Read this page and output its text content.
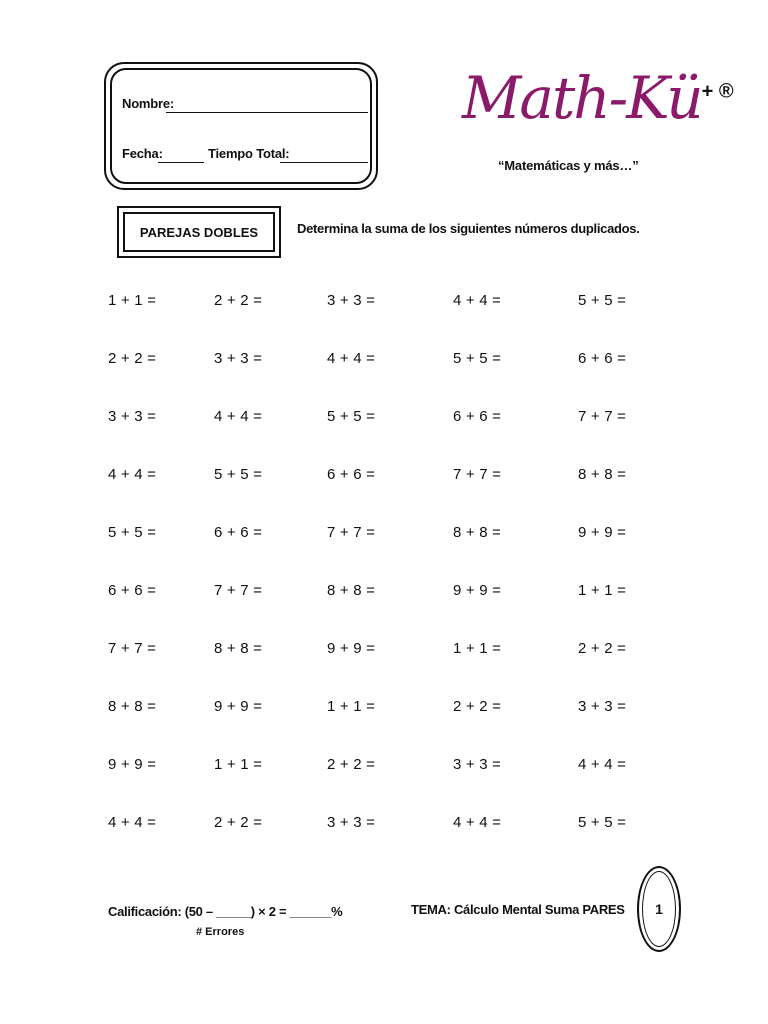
Nombre:
Fecha:	Tiempo Total:
Math-Kü+ ®
“Matemáticas y más…”
PAREJAS DOBLES	Determina la suma de los siguientes números duplicados.
1 + 1 =	2 + 2 =	3 + 3 =	4 + 4 =	5 + 5 =
2 + 2 =	3 + 3 =	4 + 4 =	5 + 5 =	6 + 6 =
3 + 3 =	4 + 4 =	5 + 5 =	6 + 6 =	7 + 7 =
4 + 4 =	5 + 5 =	6 + 6 =	7 + 7 =	8 + 8 =
5 + 5 =	6 + 6 =	7 + 7 =	8 + 8 =	9 + 9 =
6 + 6 =	7 + 7 =	8 + 8 =	9 + 9 =	1 + 1 =
7 + 7 =	8 + 8 =	9 + 9 =	1 + 1 =	2 + 2 =
8 + 8 =	9 + 9 =	1 + 1 =	2 + 2 =	3 + 3 =
9 + 9 =	1 + 1 =	2 + 2 =	3 + 3 =	4 + 4 =
4 + 4 =	2 + 2 =	3 + 3 =	4 + 4 =	5 + 5 =
Calificación: (50 – _____) × 2 = ______%
# Errores
TEMA: Cálculo Mental Suma PARES	1
